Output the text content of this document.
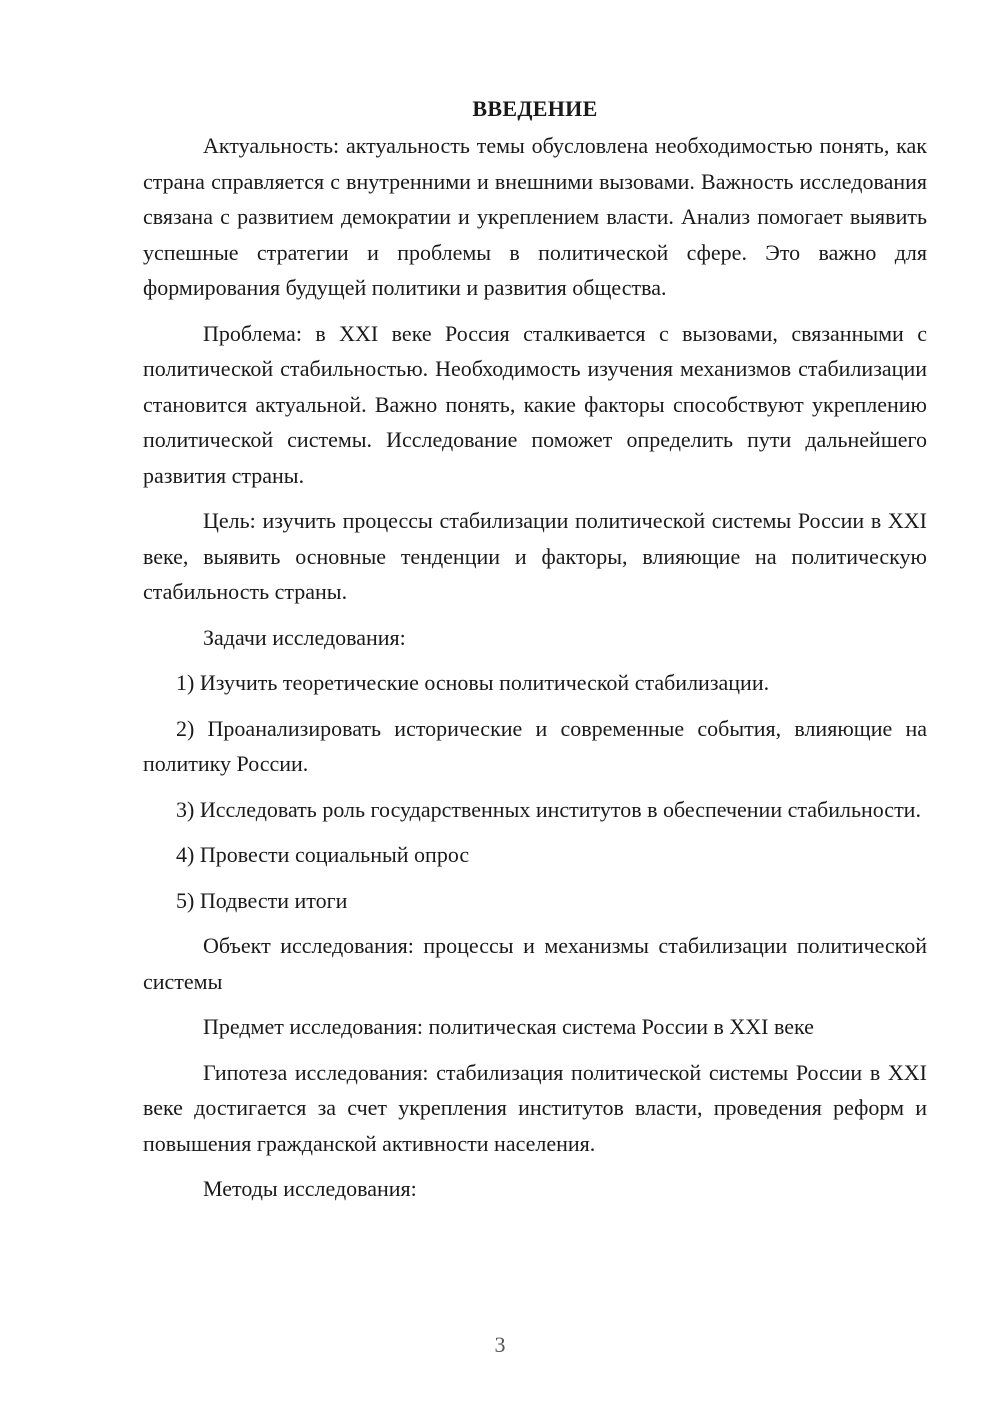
ВВЕДЕНИЕ

Актуальность: актуальность темы обусловлена необходимостью понять, как страна справляется с внутренними и внешними вызовами. Важность исследования связана с развитием демократии и укреплением власти. Анализ помогает выявить успешные стратегии и проблемы в политической сфере. Это важно для формирования будущей политики и развития общества.

Проблема: в XXI веке Россия сталкивается с вызовами, связанными с политической стабильностью. Необходимость изучения механизмов стабилизации становится актуальной. Важно понять, какие факторы способствуют укреплению политической системы. Исследование поможет определить пути дальнейшего развития страны.

Цель: изучить процессы стабилизации политической системы России в XXI веке, выявить основные тенденции и факторы, влияющие на политическую стабильность страны.

Задачи исследования:

1) Изучить теоретические основы политической стабилизации.

2) Проанализировать исторические и современные события, влияющие на политику России.

3) Исследовать роль государственных институтов в обеспечении стабильности.

4) Провести социальный опрос

5) Подвести итоги

Объект исследования: процессы и механизмы стабилизации политической системы

Предмет исследования: политическая система России в XXI веке

Гипотеза исследования: стабилизация политической системы России в XXI веке достигается за счет укрепления институтов власти, проведения реформ и повышения гражданской активности населения.

Методы исследования:

3
